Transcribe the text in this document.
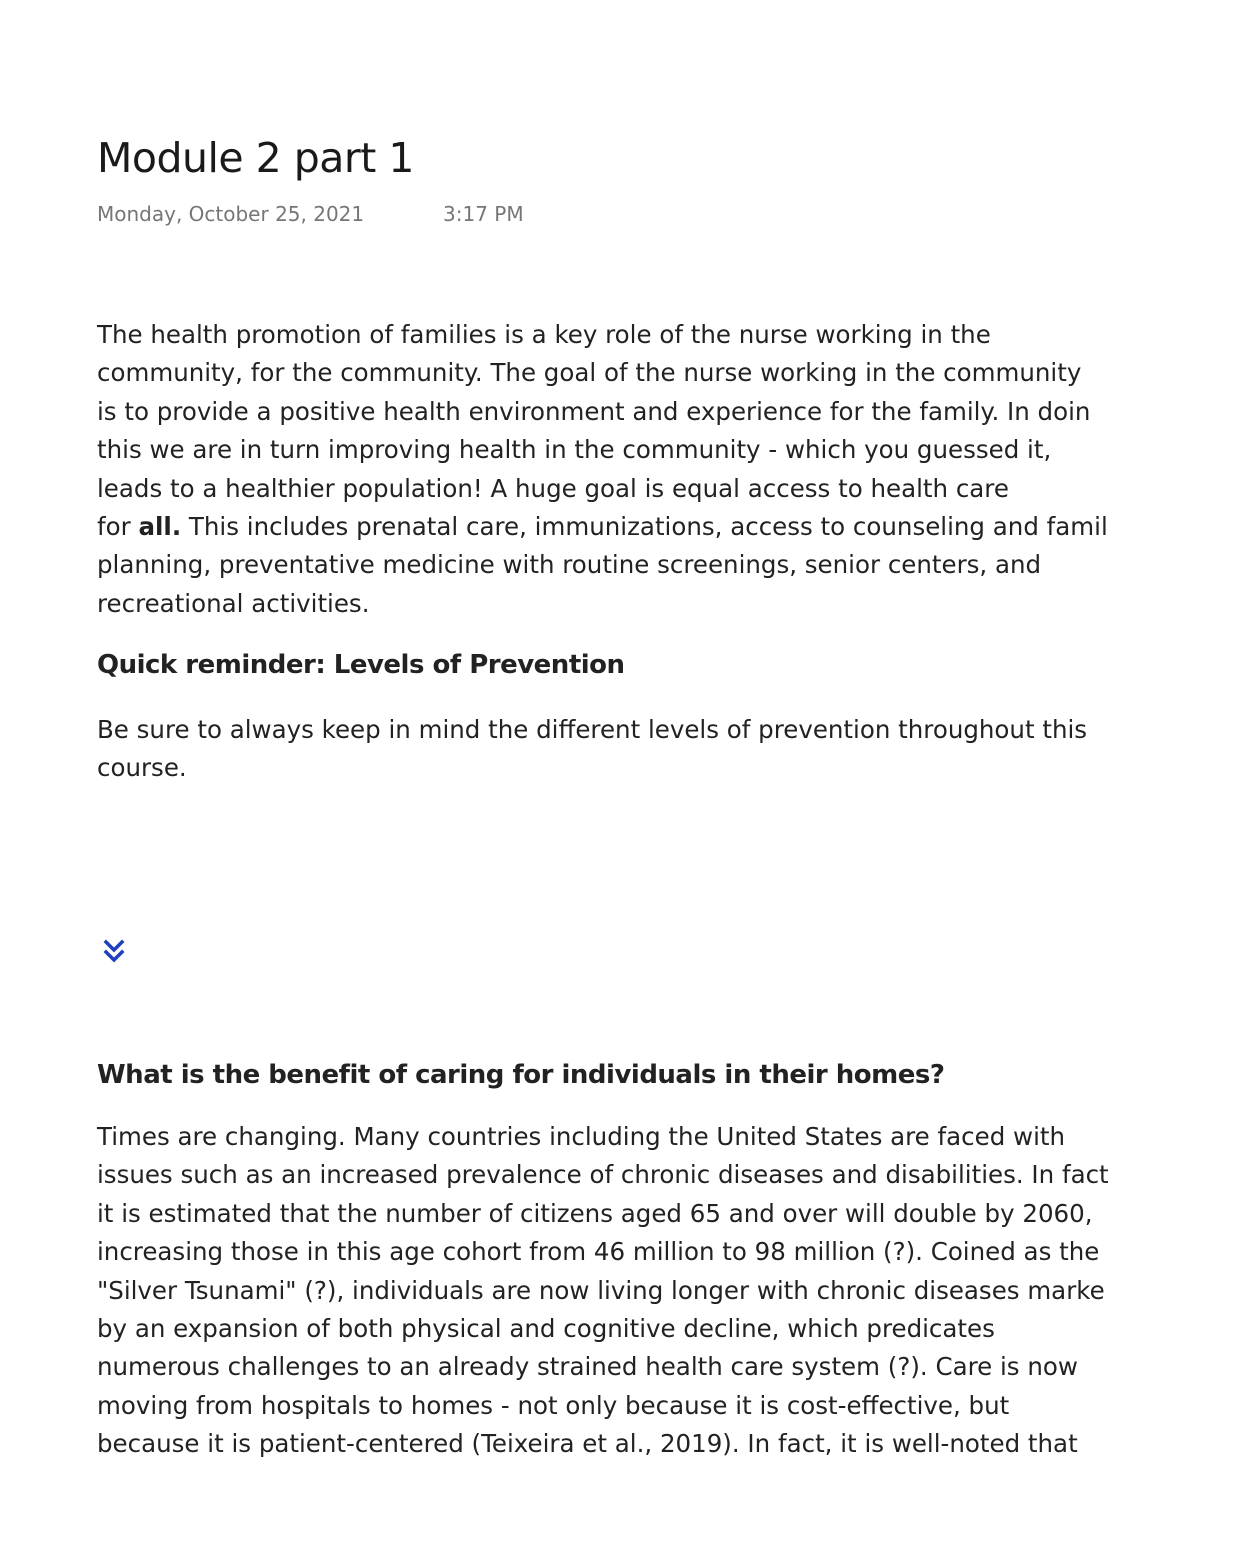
Module 2 part 1
Monday, October 25, 2021	3:17 PM

The health promotion of families is a key role of the nurse working in the
community, for the community. The goal of the nurse working in the community
is to provide a positive health environment and experience for the family. In doin
this we are in turn improving health in the community - which you guessed it,
leads to a healthier population! A huge goal is equal access to health care
for all. This includes prenatal care, immunizations, access to counseling and famil
planning, preventative medicine with routine screenings, senior centers, and
recreational activities.

Quick reminder: Levels of Prevention

Be sure to always keep in mind the different levels of prevention throughout this
course.

What is the benefit of caring for individuals in their homes?

Times are changing. Many countries including the United States are faced with
issues such as an increased prevalence of chronic diseases and disabilities. In fact
it is estimated that the number of citizens aged 65 and over will double by 2060,
increasing those in this age cohort from 46 million to 98 million (?). Coined as the
"Silver Tsunami" (?), individuals are now living longer with chronic diseases marke
by an expansion of both physical and cognitive decline, which predicates
numerous challenges to an already strained health care system (?). Care is now
moving from hospitals to homes - not only because it is cost-effective, but
because it is patient-centered (Teixeira et al., 2019). In fact, it is well-noted that
